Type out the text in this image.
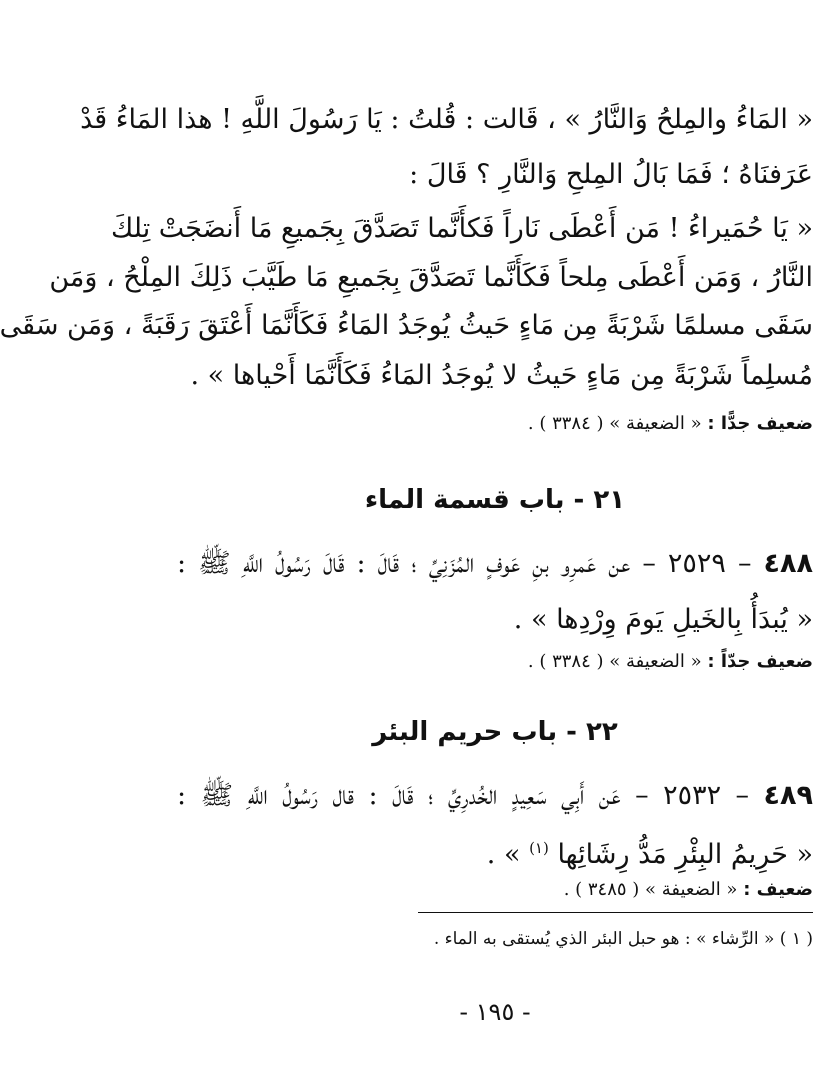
« المَاءُ والمِلحُ وَالنَّارُ » ، قَالت : قُلتُ : يَا رَسُولَ اللَّهِ ! هذا المَاءُ قَدْ
عَرَفنَاهُ ؛ فَمَا بَالُ المِلحِ وَالنَّارِ ؟ قَالَ :
« يَا حُمَيراءُ ! مَن أَعْطَى نَاراً فَكأَنَّما تَصَدَّقَ بِجَميعِ مَا أَنضَجَتْ تِلكَ
النَّارُ ، وَمَن أَعْطَى مِلحاً فَكَأَنَّما تَصَدَّقَ بِجَميعِ مَا طَيَّبَ ذَلِكَ المِلْحُ ، وَمَن
سَقَى مسلمًا شَرْبَةً مِن مَاءٍ حَيثُ يُوجَدُ المَاءُ فَكَأَنَّمَا أَعْتَقَ رَقَبَةً ، وَمَن سَقَى
مُسلِماً شَرْبَةً مِن مَاءٍ حَيثُ لا يُوجَدُ المَاءُ فَكَأَنَّمَا أَحْياها » .
ضعيف جدًّا : « الضعيفة » ( ٣٣٨٤ ) .
٢١ - باب قسمة الماء
٤٨٨ – ٢٥٢٩ – عن عَمرِو بنِ عَوفٍ المُزَنِيِّ ؛ قَالَ : قَالَ رَسُولُ اللَّهِ ﷺ :
« يُبدَأُ بِالخَيلِ يَومَ وِرْدِها » .
ضعيف جدّاً : « الضعيفة » ( ٣٣٨٤ ) .
٢٢ - باب حريم البئر
٤٨٩ – ٢٥٣٢ – عَن أَبِي سَعِيدٍ الخُدرِيِّ ؛ قَالَ : قال رَسُولُ اللَّهِ ﷺ :
« حَرِيمُ البِئْرِ مَدُّ رِشَائِها $^{(١)}$ » .
ضعيف : « الضعيفة » ( ٣٤٨٥ ) .
( ١ ) « الرِّشاء » : هو حبل البئر الذي يُستقى به الماء .
- ١٩٥ -
